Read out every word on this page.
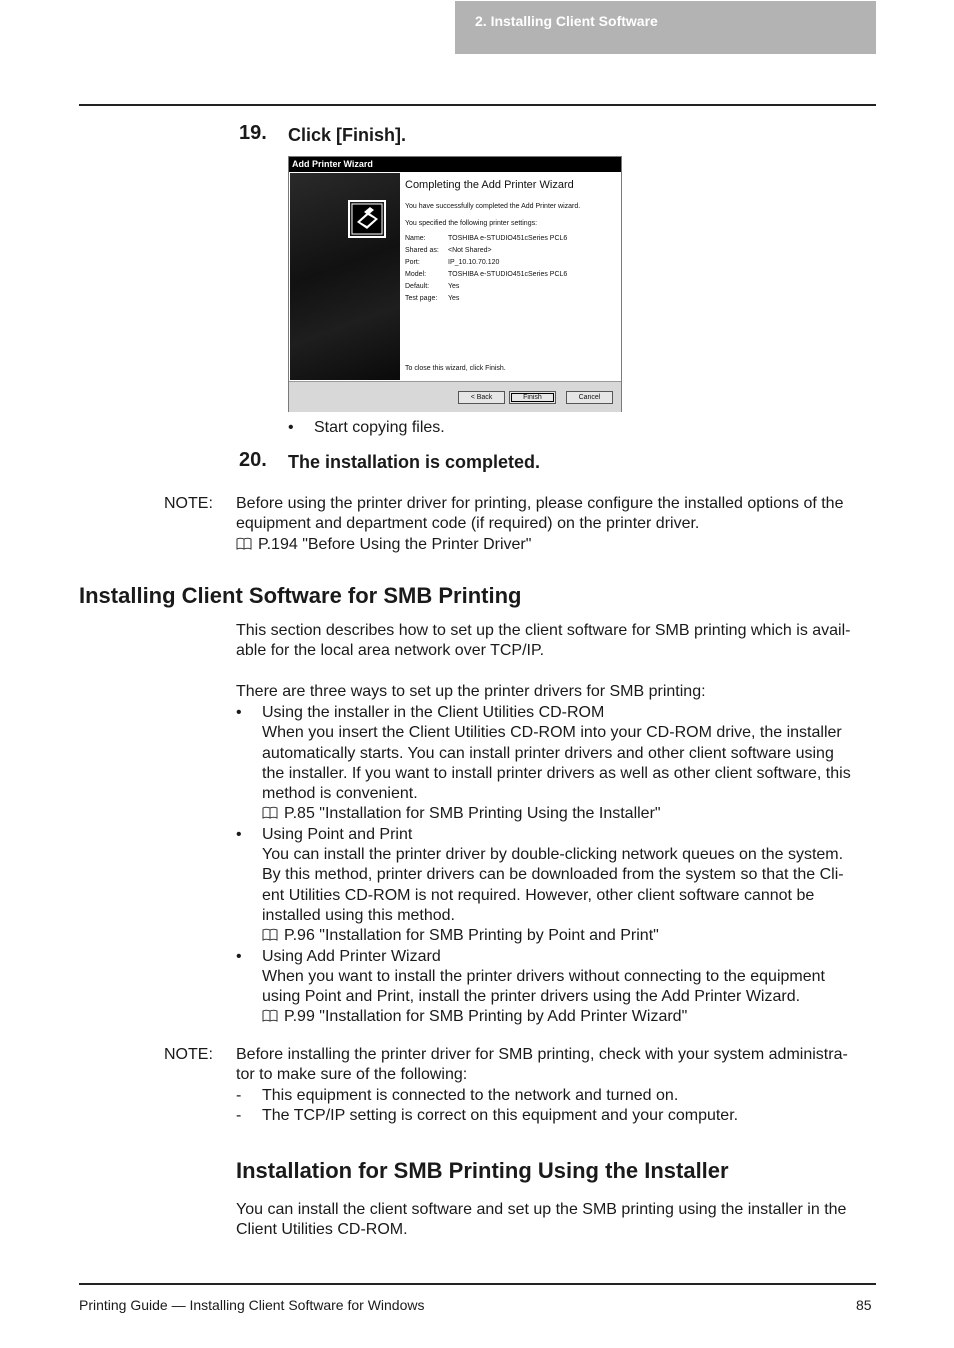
2. Installing Client Software
19. Click [Finish].
Add Printer Wizard
Completing the Add Printer Wizard
You have successfully completed the Add Printer wizard.
You specified the following printer settings:
Name:	TOSHIBA e-STUDIO451cSeries PCL6
Shared as:	<Not Shared>
Port:	IP_10.10.70.120
Model:	TOSHIBA e-STUDIO451cSeries PCL6
Default:	Yes
Test page:	Yes
To close this wizard, click Finish.
< Back	Finish	Cancel
• Start copying files.
20. The installation is completed.
NOTE: Before using the printer driver for printing, please configure the installed options of the
equipment and department code (if required) on the printer driver.
P.194 "Before Using the Printer Driver"
Installing Client Software for SMB Printing
This section describes how to set up the client software for SMB printing which is avail-
able for the local area network over TCP/IP.
There are three ways to set up the printer drivers for SMB printing:
• Using the installer in the Client Utilities CD-ROM
When you insert the Client Utilities CD-ROM into your CD-ROM drive, the installer
automatically starts. You can install printer drivers and other client software using
the installer. If you want to install printer drivers as well as other client software, this
method is convenient.
P.85 "Installation for SMB Printing Using the Installer"
• Using Point and Print
You can install the printer driver by double-clicking network queues on the system.
By this method, printer drivers can be downloaded from the system so that the Cli-
ent Utilities CD-ROM is not required. However, other client software cannot be
installed using this method.
P.96 "Installation for SMB Printing by Point and Print"
• Using Add Printer Wizard
When you want to install the printer drivers without connecting to the equipment
using Point and Print, install the printer drivers using the Add Printer Wizard.
P.99 "Installation for SMB Printing by Add Printer Wizard"
NOTE: Before installing the printer driver for SMB printing, check with your system administra-
tor to make sure of the following:
- This equipment is connected to the network and turned on.
- The TCP/IP setting is correct on this equipment and your computer.
Installation for SMB Printing Using the Installer
You can install the client software and set up the SMB printing using the installer in the
Client Utilities CD-ROM.
Printing Guide — Installing Client Software for Windows	85
